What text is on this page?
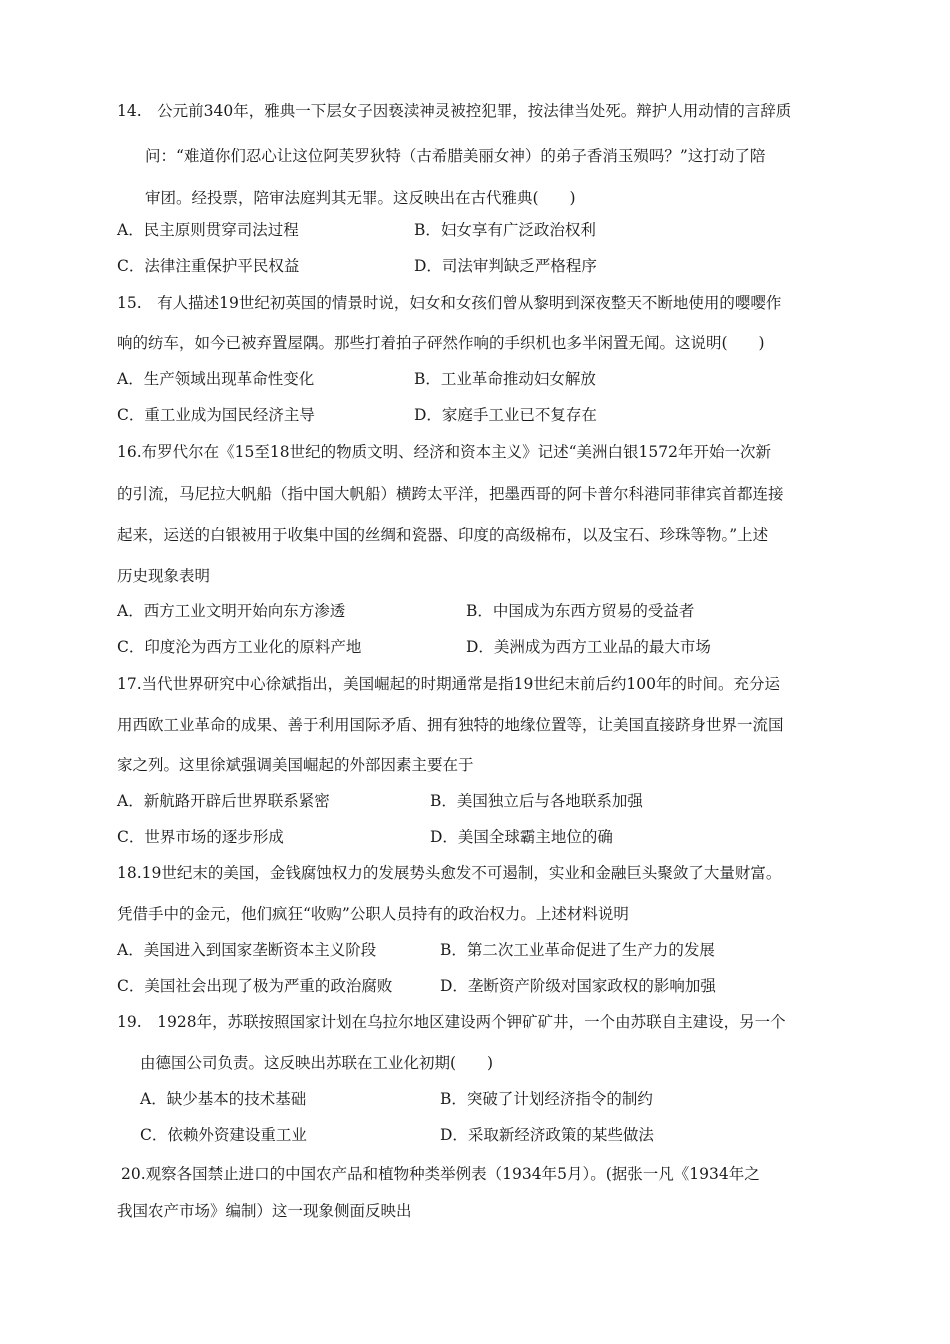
14.　公元前340年，雅典一下层女子因亵渎神灵被控犯罪，按法律当处死。辩护人用动情的言辞质
问：“难道你们忍心让这位阿芙罗狄特（古希腊美丽女神）的弟子香消玉殒吗？”这打动了陪
审团。经投票，陪审法庭判其无罪。这反映出在古代雅典(　　)
A．民主原则贯穿司法过程	B．妇女享有广泛政治权利
C．法律注重保护平民权益	D．司法审判缺乏严格程序
15.　有人描述19世纪初英国的情景时说，妇女和女孩们曾从黎明到深夜整天不断地使用的嘤嘤作
响的纺车，如今已被弃置屋隅。那些打着拍子砰然作响的手织机也多半闲置无闻。这说明(　　)
A．生产领域出现革命性变化	B．工业革命推动妇女解放
C．重工业成为国民经济主导	D．家庭手工业已不复存在
16.布罗代尔在《15至18世纪的物质文明、经济和资本主义》记述“美洲白银1572年开始一次新
的引流，马尼拉大帆船（指中国大帆船）横跨太平洋，把墨西哥的阿卡普尔科港同菲律宾首都连接
起来，运送的白银被用于收集中国的丝绸和瓷器、印度的高级棉布，以及宝石、珍珠等物。”上述
历史现象表明
A．西方工业文明开始向东方渗透	B．中国成为东西方贸易的受益者
C．印度沦为西方工业化的原料产地	D．美洲成为西方工业品的最大市场
17.当代世界研究中心徐斌指出，美国崛起的时期通常是指19世纪末前后约100年的时间。充分运
用西欧工业革命的成果、善于利用国际矛盾、拥有独特的地缘位置等，让美国直接跻身世界一流国
家之列。这里徐斌强调美国崛起的外部因素主要在于
A．新航路开辟后世界联系紧密	B．美国独立后与各地联系加强
C．世界市场的逐步形成	D．美国全球霸主地位的确
18.19世纪末的美国，金钱腐蚀权力的发展势头愈发不可遏制，实业和金融巨头聚敛了大量财富。
凭借手中的金元，他们疯狂“收购”公职人员持有的政治权力。上述材料说明
A．美国进入到国家垄断资本主义阶段	B．第二次工业革命促进了生产力的发展
C．美国社会出现了极为严重的政治腐败	D．垄断资产阶级对国家政权的影响加强
19.　1928年，苏联按照国家计划在乌拉尔地区建设两个钾矿矿井，一个由苏联自主建设，另一个
由德国公司负责。这反映出苏联在工业化初期(　　)
A．缺少基本的技术基础	B．突破了计划经济指令的制约
C．依赖外资建设重工业	D．采取新经济政策的某些做法
20.观察各国禁止进口的中国农产品和植物种类举例表（1934年5月）。(据张一凡《1934年之
我国农产市场》编制）这一现象侧面反映出
